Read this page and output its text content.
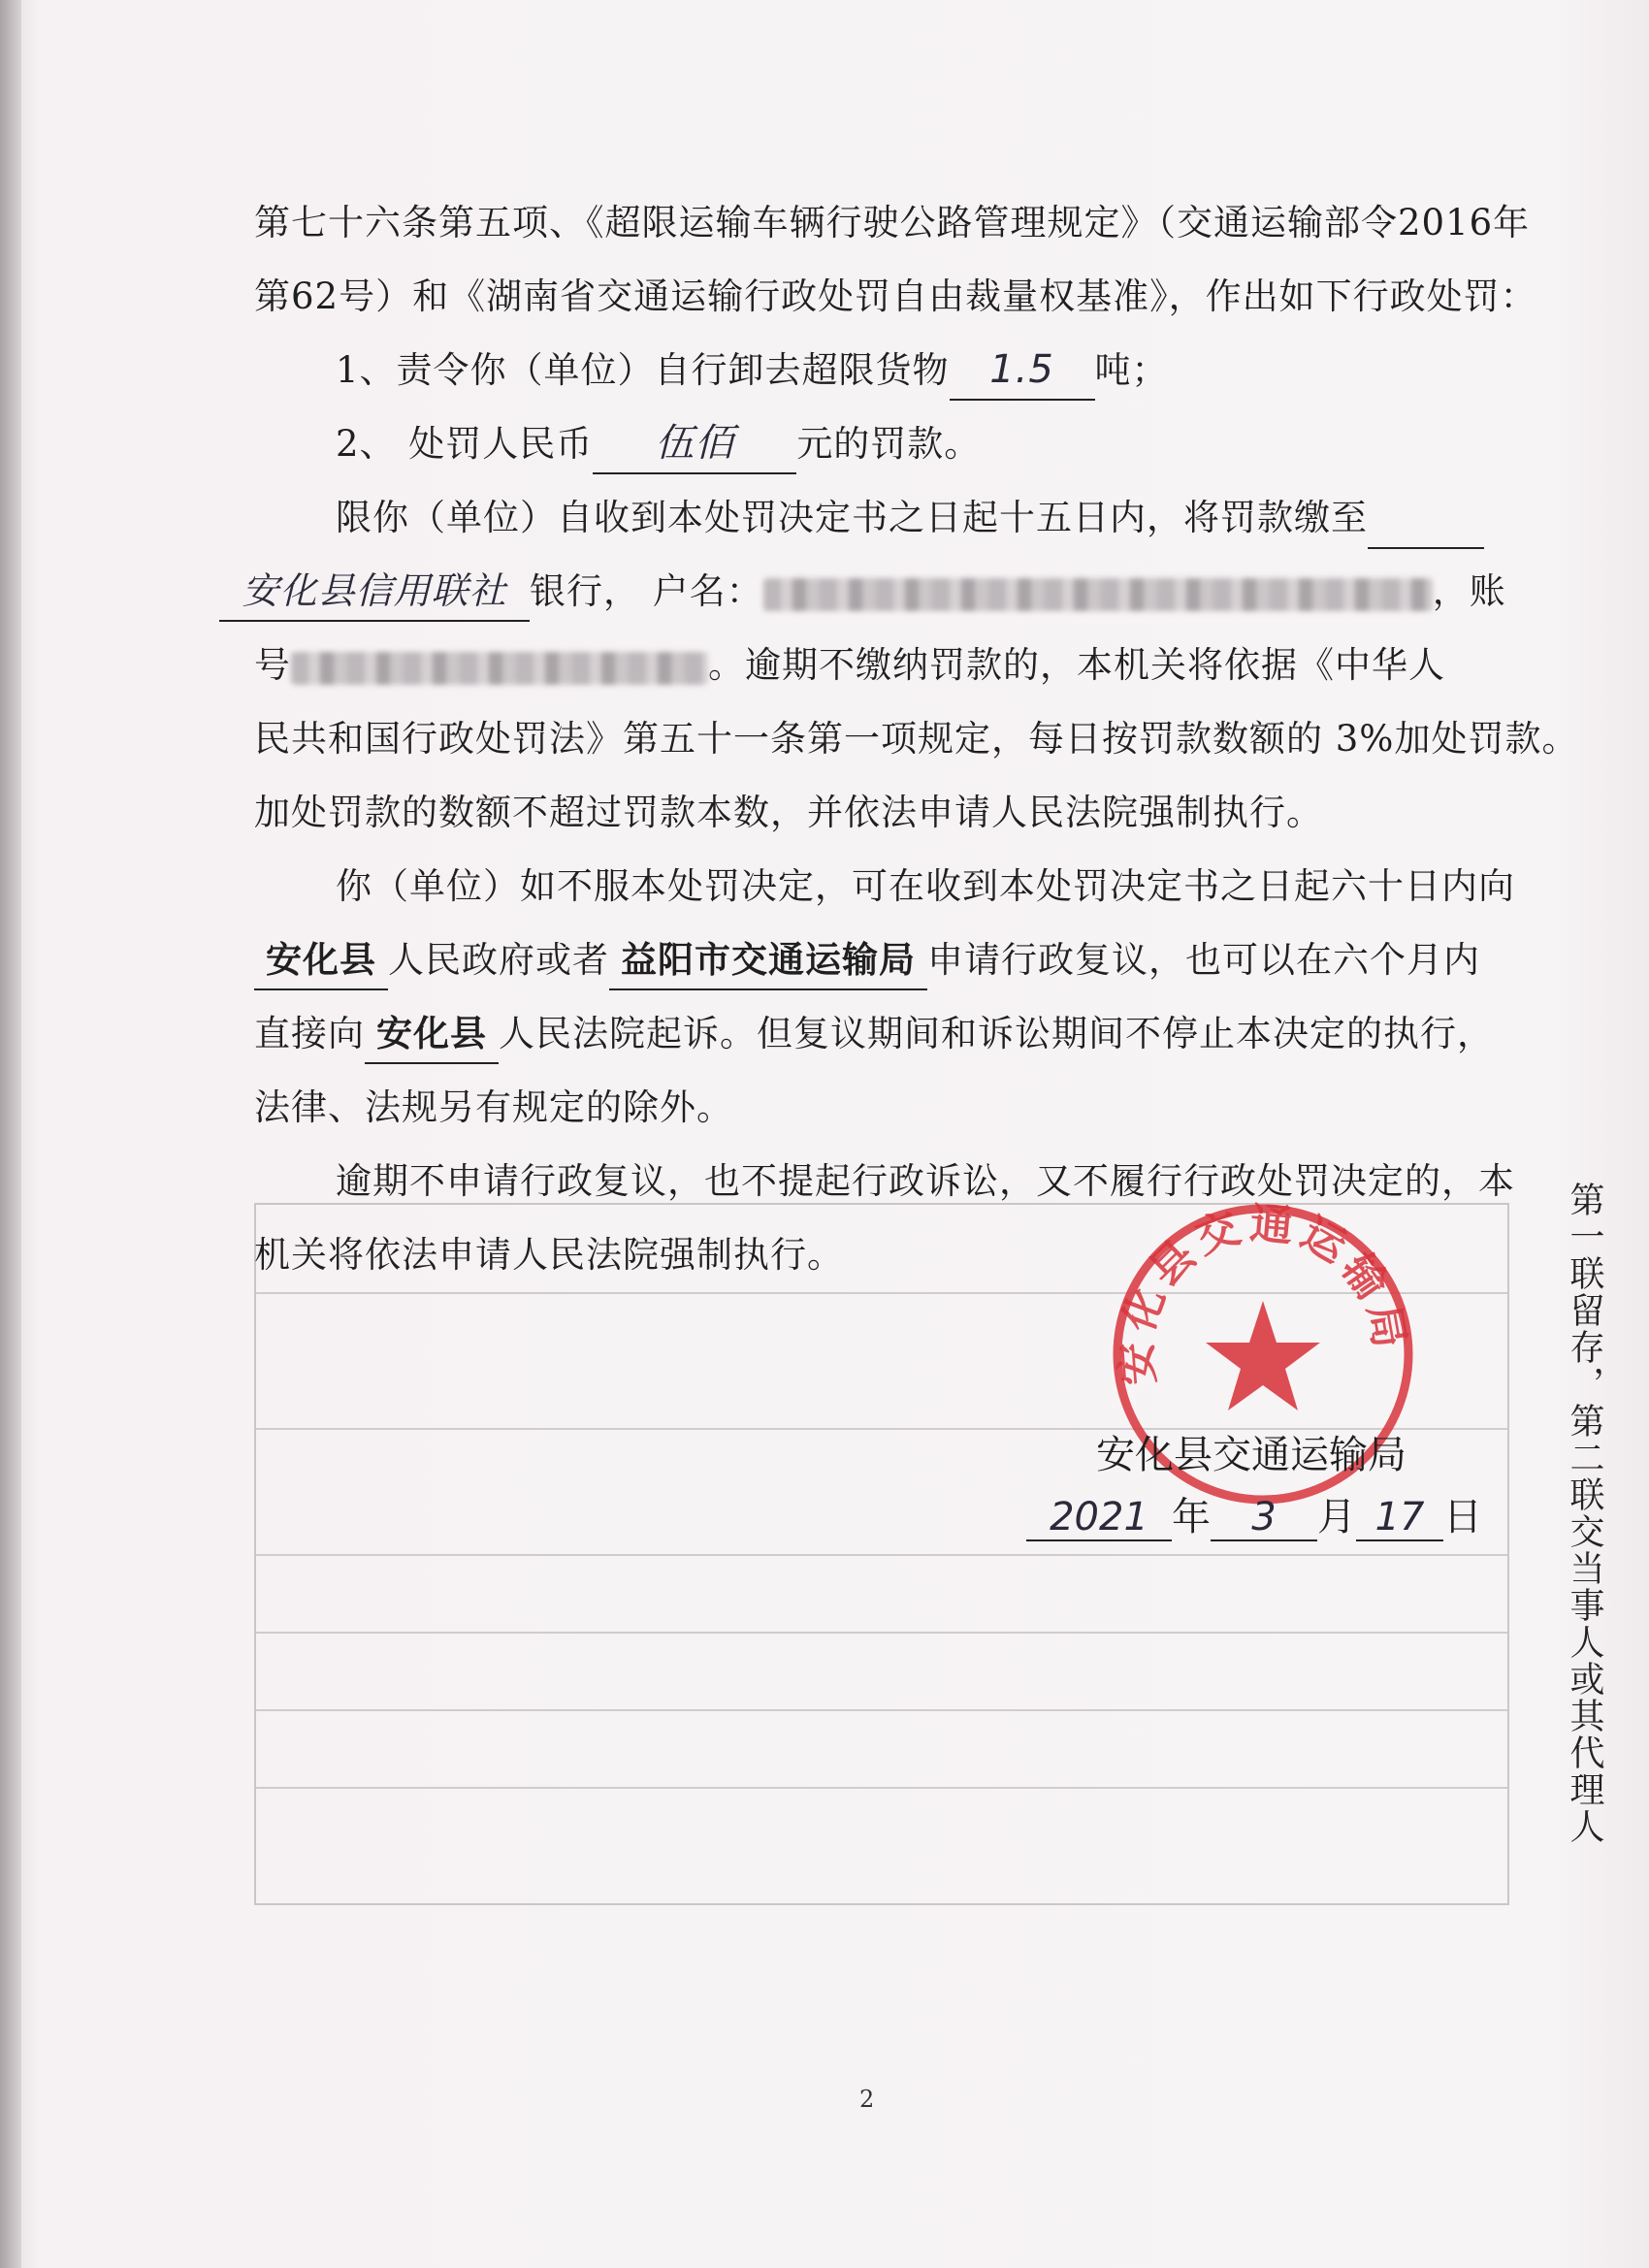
第七十六条第五项、《超限运输车辆行驶公路管理规定》（交通运输部令2016年
第62号）和《湖南省交通运输行政处罚自由裁量权基准》，作出如下行政处罚：
1、责令你（单位）自行卸去超限货物 1.5 吨；
2、 处罚人民币 伍佰 元的罚款。
限你（单位）自收到本处罚决定书之日起十五日内，将罚款缴至
安化县信用联社 银行， 户名：	，账
号	。逾期不缴纳罚款的，本机关将依据《中华人
民共和国行政处罚法》第五十一条第一项规定，每日按罚款数额的 3%加处罚款。
加处罚款的数额不超过罚款本数，并依法申请人民法院强制执行。
你（单位）如不服本处罚决定，可在收到本处罚决定书之日起六十日内向
安化县 人民政府或者 益阳市交通运输局 申请行政复议，也可以在六个月内
直接向 安化县 人民法院起诉。但复议期间和诉讼期间不停止本决定的执行，
法律、法规另有规定的除外。
逾期不申请行政复议，也不提起行政诉讼，又不履行行政处罚决定的，本
机关将依法申请人民法院强制执行。
安化县交通运输局
安化县交通运输局
2021 年 3 月 17 日 第一联留存，第二联交当事人或其代理人
2
